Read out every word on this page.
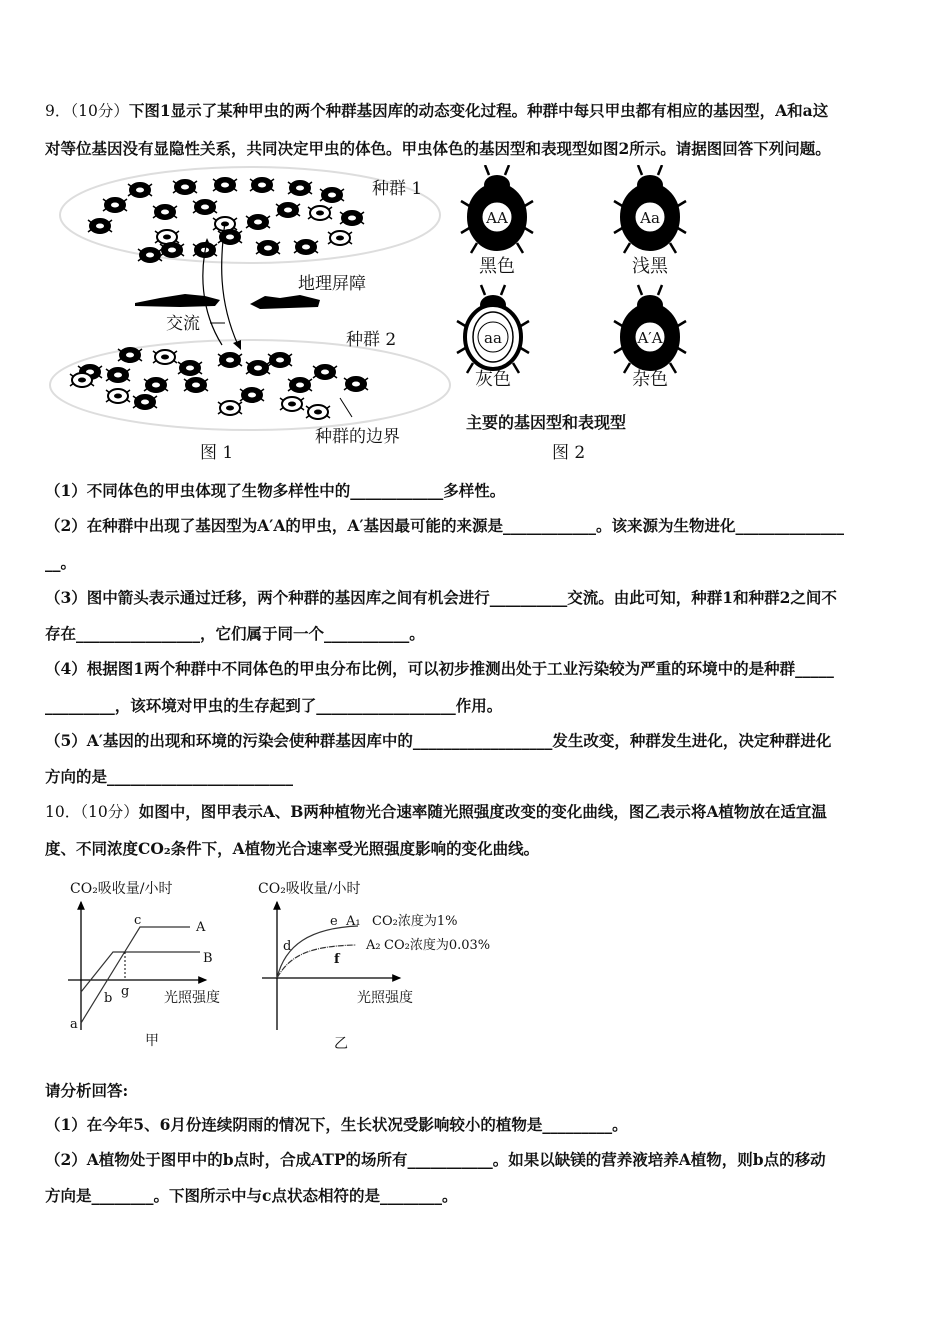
9．（10分）下图1显示了某种甲虫的两个种群基因库的动态变化过程。种群中每只甲虫都有相应的基因型，A和a这
对等位基因没有显隐性关系，共同决定甲虫的体色。甲虫体色的基因型和表现型如图2所示。请据图回答下列问题。
种群 1
地理屏障
交流
种群 2
种群的边界
图 1
主要的基因型和表现型
图 2
AA
黑色
Aa
浅黑
aa
灰色
A′A
杂色
（1）不同体色的甲虫体现了生物多样性中的____________多样性。
（2）在种群中出现了基因型为A′A的甲虫，A′基因最可能的来源是____________。该来源为生物进化______________
__。
（3）图中箭头表示通过迁移，两个种群的基因库之间有机会进行__________交流。由此可知，种群1和种群2之间不
存在________________，它们属于同一个___________。
（4）根据图1两个种群中不同体色的甲虫分布比例，可以初步推测出处于工业污染较为严重的环境中的是种群_____
_________，该环境对甲虫的生存起到了__________________作用。
（5）A′基因的出现和环境的污染会使种群基因库中的__________________发生改变，种群发生进化，决定种群进化
方向的是________________________
10．（10分）如图中，图甲表示A、B两种植物光合速率随光照强度改变的变化曲线，图乙表示将A植物放在适宜温
度、不同浓度CO₂条件下，A植物光合速率受光照强度影响的变化曲线。
CO₂吸收量/小时
c	A
B
g
b
a
光照强度
甲
CO₂吸收量/小时
d
e A₁ CO₂浓度为1%
A₂ CO₂浓度为0.03%
f
光照强度
乙
请分析回答:
（1）在今年5、6月份连续阴雨的情况下，生长状况受影响较小的植物是_________。
（2）A植物处于图甲中的b点时，合成ATP的场所有___________。如果以缺镁的营养液培养A植物，则b点的移动
方向是________。下图所示中与c点状态相符的是________。
